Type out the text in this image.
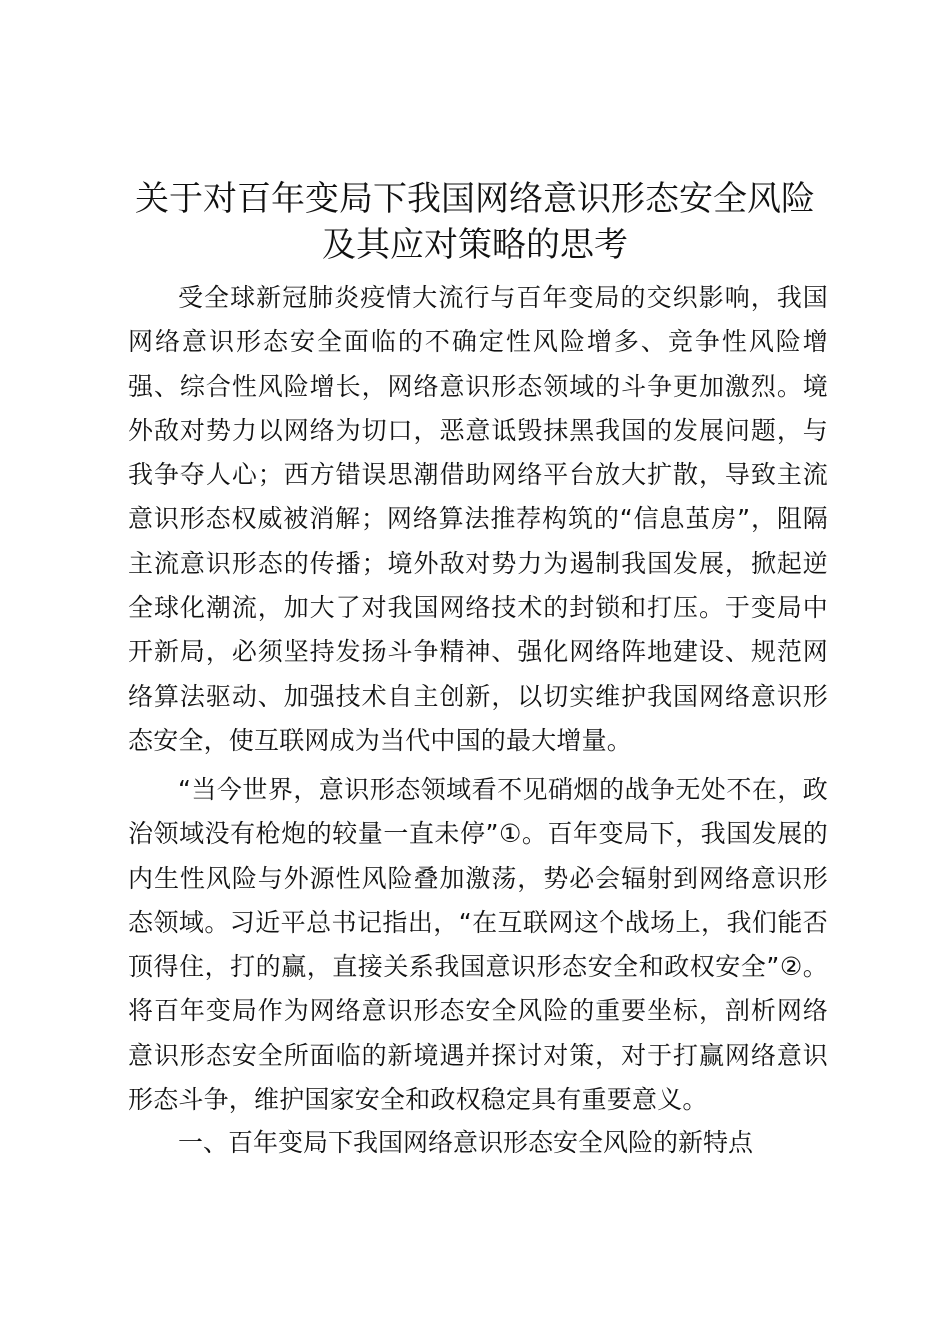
关于对百年变局下我国网络意识形态安全风险
及其应对策略的思考

受全球新冠肺炎疫情大流行与百年变局的交织影响，我国网络意识形态安全面临的不确定性风险增多、竞争性风险增强、综合性风险增长，网络意识形态领域的斗争更加激烈。境外敌对势力以网络为切口，恶意诋毁抹黑我国的发展问题，与我争夺人心；西方错误思潮借助网络平台放大扩散，导致主流意识形态权威被消解；网络算法推荐构筑的“信息茧房”，阻隔主流意识形态的传播；境外敌对势力为遏制我国发展，掀起逆全球化潮流，加大了对我国网络技术的封锁和打压。于变局中开新局，必须坚持发扬斗争精神、强化网络阵地建设、规范网络算法驱动、加强技术自主创新，以切实维护我国网络意识形态安全，使互联网成为当代中国的最大增量。

“当今世界，意识形态领域看不见硝烟的战争无处不在，政治领域没有枪炮的较量一直未停”①。百年变局下，我国发展的内生性风险与外源性风险叠加激荡，势必会辐射到网络意识形态领域。习近平总书记指出，“在互联网这个战场上，我们能否顶得住，打的赢，直接关系我国意识形态安全和政权安全”②。将百年变局作为网络意识形态安全风险的重要坐标，剖析网络意识形态安全所面临的新境遇并探讨对策，对于打赢网络意识形态斗争，维护国家安全和政权稳定具有重要意义。

一、百年变局下我国网络意识形态安全风险的新特点
